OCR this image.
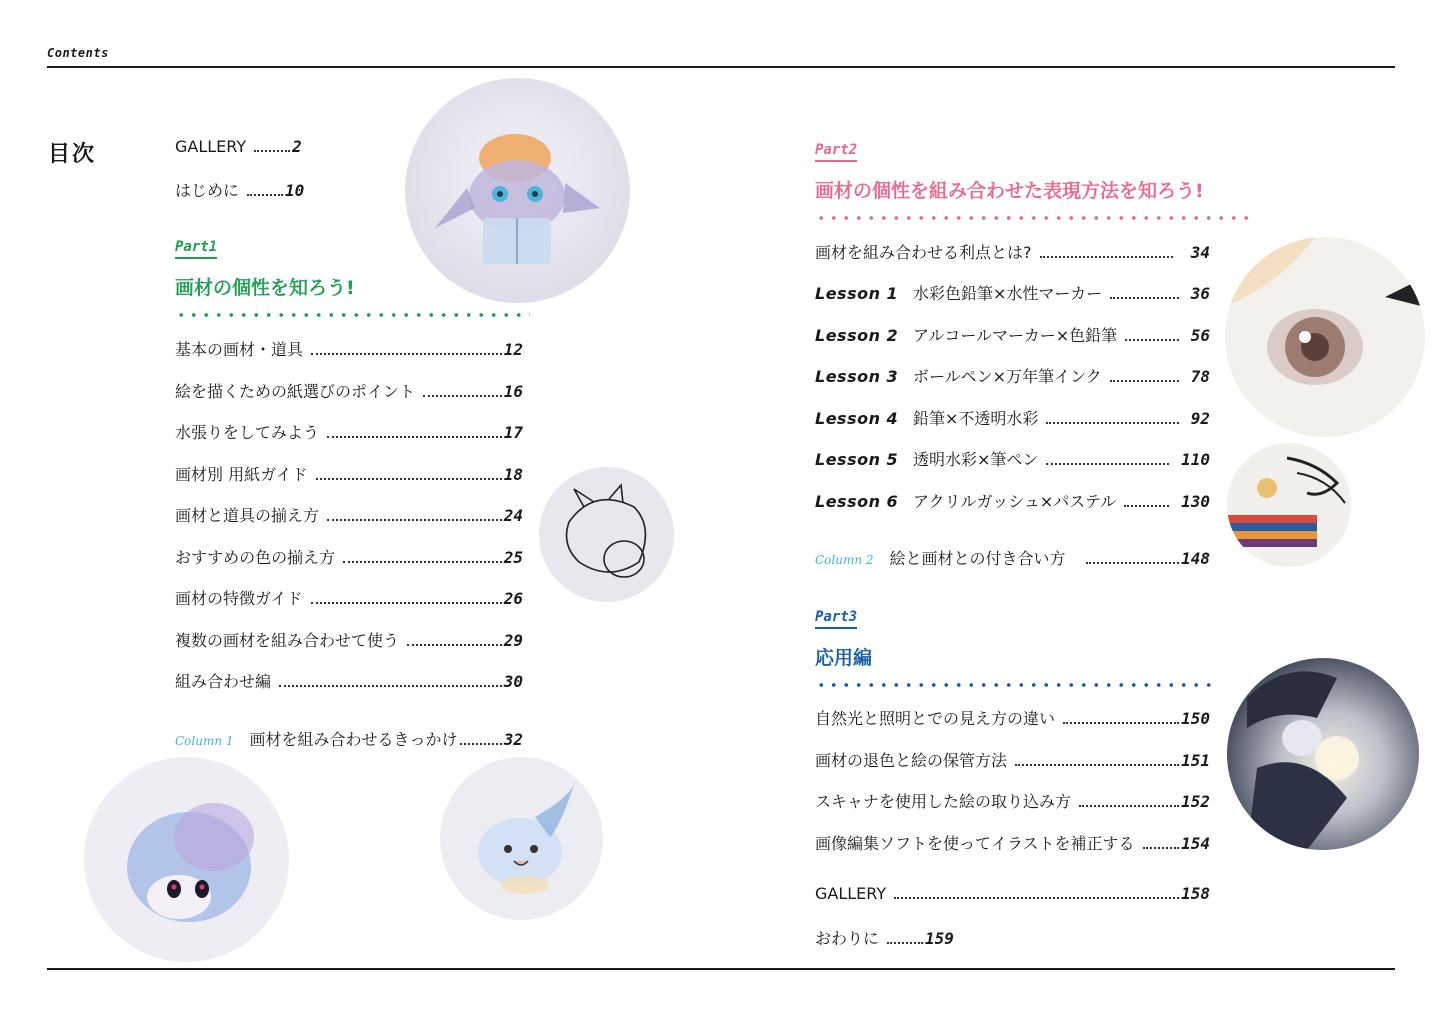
Contents
目次	GALLERY	2
はじめに	10
Part1
画材の個性を知ろう!
基本の画材・道具	12
絵を描くための紙選びのポイント	16
水張りをしてみよう	17
画材別 用紙ガイド	18
画材と道具の揃え方	24
おすすめの色の揃え方	25
画材の特徴ガイド	26
複数の画材を組み合わせて使う	29
組み合わせ編	30
Column 1 画材を組み合わせるきっかけ	32
Part2
画材の個性を組み合わせた表現方法を知ろう!
画材を組み合わせる利点とは?	34
Lesson 1 水彩色鉛筆×水性マーカー	36
Lesson 2 アルコールマーカー×色鉛筆	56
Lesson 3 ボールペン×万年筆インク	78
Lesson 4 鉛筆×不透明水彩	92
Lesson 5 透明水彩×筆ペン	110
Lesson 6 アクリルガッシュ×パステル	130
Column 2 絵と画材との付き合い方	148
Part3
応用編
自然光と照明とでの見え方の違い	150
画材の退色と絵の保管方法	151
スキャナを使用した絵の取り込み方	152
画像編集ソフトを使ってイラストを補正する	154
GALLERY	158
おわりに	159
